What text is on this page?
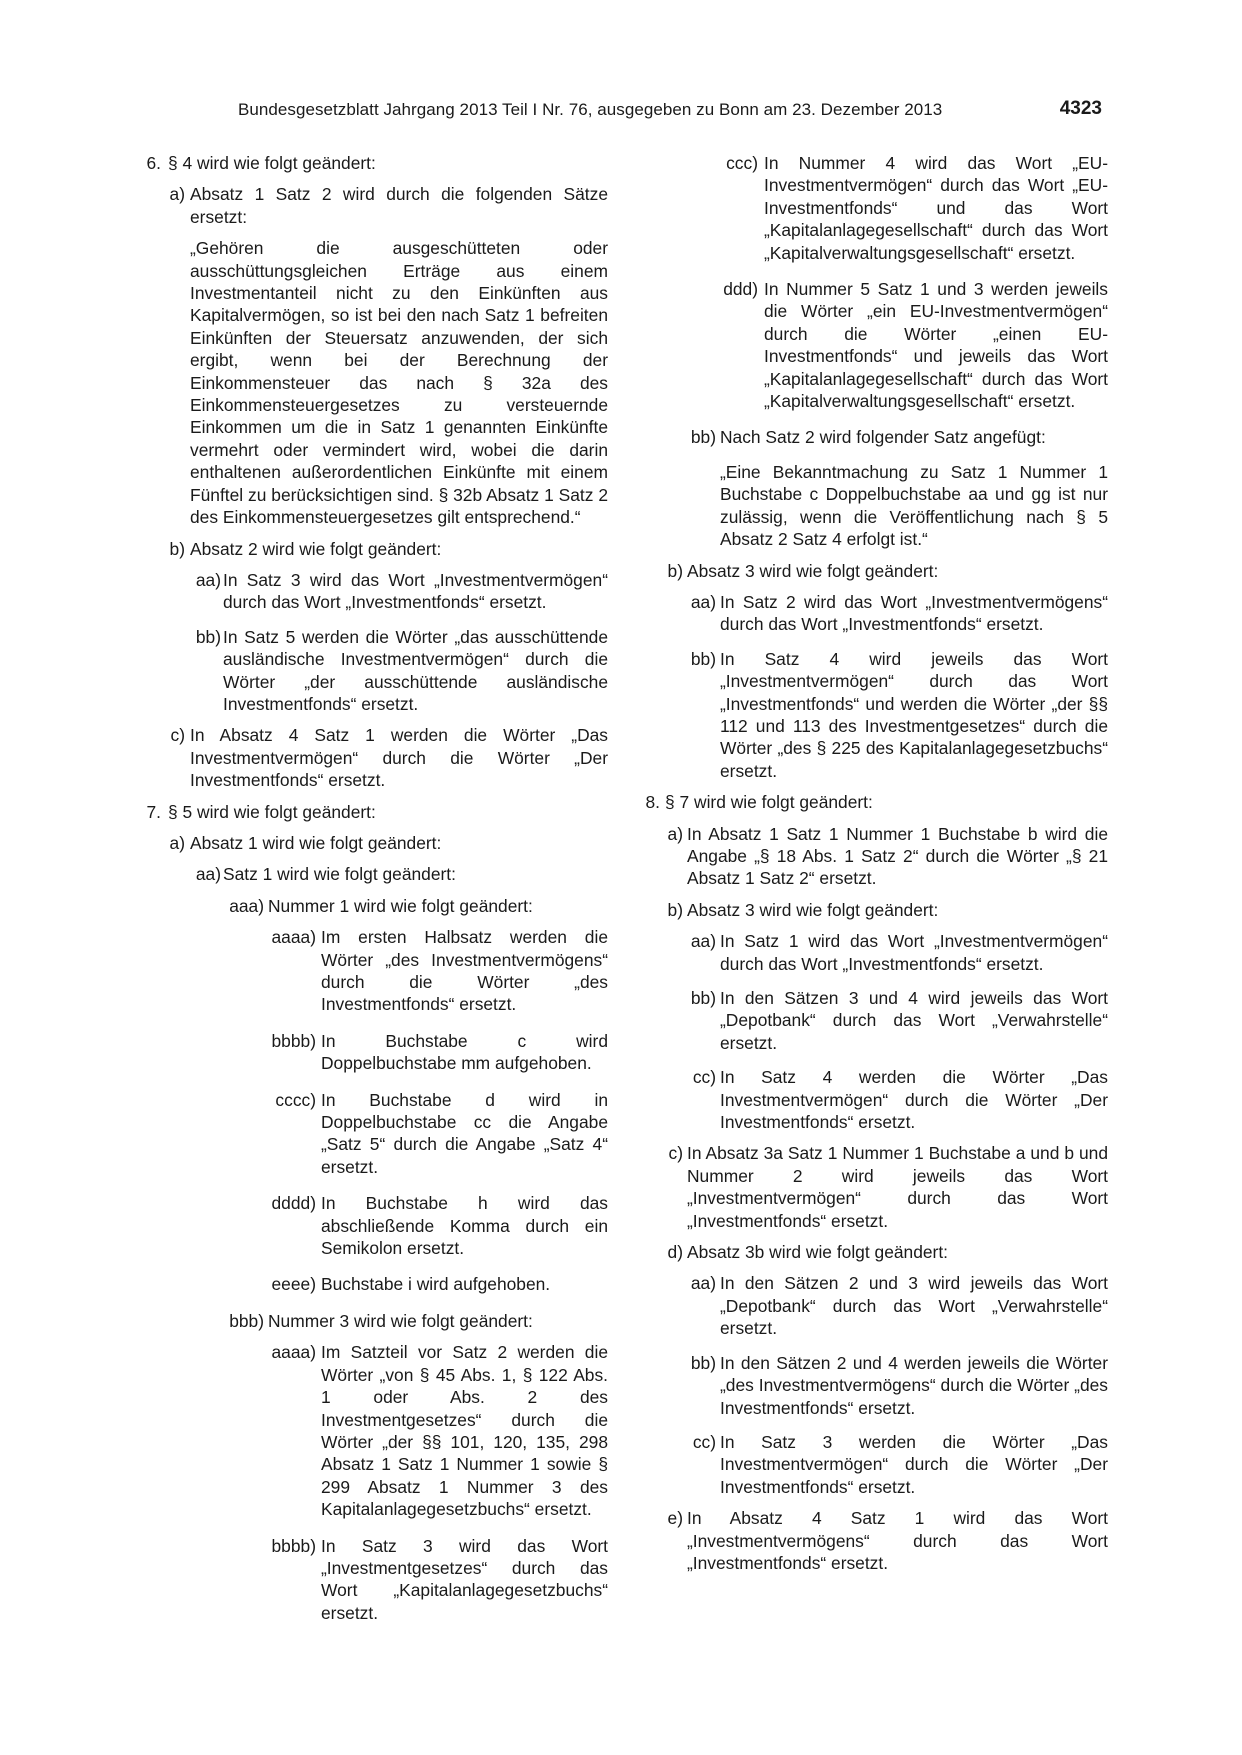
Bundesgesetzblatt Jahrgang 2013 Teil I Nr. 76, ausgegeben zu Bonn am 23. Dezember 2013	4323
6. § 4 wird wie folgt geändert:
a) Absatz 1 Satz 2 wird durch die folgenden Sätze ersetzt:
„Gehören die ausgeschütteten oder ausschüttungsgleichen Erträge aus einem Investmentanteil nicht zu den Einkünften aus Kapitalvermögen, so ist bei den nach Satz 1 befreiten Einkünften der Steuersatz anzuwenden, der sich ergibt, wenn bei der Berechnung der Einkommensteuer das nach § 32a des Einkommensteuergesetzes zu versteuernde Einkommen um die in Satz 1 genannten Einkünfte vermehrt oder vermindert wird, wobei die darin enthaltenen außerordentlichen Einkünfte mit einem Fünftel zu berücksichtigen sind. § 32b Absatz 1 Satz 2 des Einkommensteuergesetzes gilt entsprechend.“
b) Absatz 2 wird wie folgt geändert:
aa) In Satz 3 wird das Wort „Investmentvermögen“ durch das Wort „Investmentfonds“ ersetzt.
bb) In Satz 5 werden die Wörter „das ausschüttende ausländische Investmentvermögen“ durch die Wörter „der ausschüttende ausländische Investmentfonds“ ersetzt.
c) In Absatz 4 Satz 1 werden die Wörter „Das Investmentvermögen“ durch die Wörter „Der Investmentfonds“ ersetzt.
7. § 5 wird wie folgt geändert:
a) Absatz 1 wird wie folgt geändert:
aa) Satz 1 wird wie folgt geändert:
aaa) Nummer 1 wird wie folgt geändert:
aaaa) Im ersten Halbsatz werden die Wörter „des Investmentvermögens“ durch die Wörter „des Investmentfonds“ ersetzt.
bbbb) In Buchstabe c wird Doppelbuchstabe mm aufgehoben.
cccc) In Buchstabe d wird in Doppelbuchstabe cc die Angabe „Satz 5“ durch die Angabe „Satz 4“ ersetzt.
dddd) In Buchstabe h wird das abschließende Komma durch ein Semikolon ersetzt.
eeee) Buchstabe i wird aufgehoben.
bbb) Nummer 3 wird wie folgt geändert:
aaaa) Im Satzteil vor Satz 2 werden die Wörter „von § 45 Abs. 1, § 122 Abs. 1 oder Abs. 2 des Investmentgesetzes“ durch die Wörter „der §§ 101, 120, 135, 298 Absatz 1 Satz 1 Nummer 1 sowie § 299 Absatz 1 Nummer 3 des Kapitalanlagegesetzbuchs“ ersetzt.
bbbb) In Satz 3 wird das Wort „Investmentgesetzes“ durch das Wort „Kapitalanlagegesetzbuchs“ ersetzt.
ccc) In Nummer 4 wird das Wort „EU-Investmentvermögen“ durch das Wort „EU-Investmentfonds“ und das Wort „Kapitalanlagegesellschaft“ durch das Wort „Kapitalverwaltungsgesellschaft“ ersetzt.
ddd) In Nummer 5 Satz 1 und 3 werden jeweils die Wörter „ein EU-Investmentvermögen“ durch die Wörter „einen EU-Investmentfonds“ und jeweils das Wort „Kapitalanlagegesellschaft“ durch das Wort „Kapitalverwaltungsgesellschaft“ ersetzt.
bb) Nach Satz 2 wird folgender Satz angefügt:
„Eine Bekanntmachung zu Satz 1 Nummer 1 Buchstabe c Doppelbuchstabe aa und gg ist nur zulässig, wenn die Veröffentlichung nach § 5 Absatz 2 Satz 4 erfolgt ist.“
b) Absatz 3 wird wie folgt geändert:
aa) In Satz 2 wird das Wort „Investmentvermögens“ durch das Wort „Investmentfonds“ ersetzt.
bb) In Satz 4 wird jeweils das Wort „Investmentvermögen“ durch das Wort „Investmentfonds“ und werden die Wörter „der §§ 112 und 113 des Investmentgesetzes“ durch die Wörter „des § 225 des Kapitalanlagegesetzbuchs“ ersetzt.
8. § 7 wird wie folgt geändert:
a) In Absatz 1 Satz 1 Nummer 1 Buchstabe b wird die Angabe „§ 18 Abs. 1 Satz 2“ durch die Wörter „§ 21 Absatz 1 Satz 2“ ersetzt.
b) Absatz 3 wird wie folgt geändert:
aa) In Satz 1 wird das Wort „Investmentvermögen“ durch das Wort „Investmentfonds“ ersetzt.
bb) In den Sätzen 3 und 4 wird jeweils das Wort „Depotbank“ durch das Wort „Verwahrstelle“ ersetzt.
cc) In Satz 4 werden die Wörter „Das Investmentvermögen“ durch die Wörter „Der Investmentfonds“ ersetzt.
c) In Absatz 3a Satz 1 Nummer 1 Buchstabe a und b und Nummer 2 wird jeweils das Wort „Investmentvermögen“ durch das Wort „Investmentfonds“ ersetzt.
d) Absatz 3b wird wie folgt geändert:
aa) In den Sätzen 2 und 3 wird jeweils das Wort „Depotbank“ durch das Wort „Verwahrstelle“ ersetzt.
bb) In den Sätzen 2 und 4 werden jeweils die Wörter „des Investmentvermögens“ durch die Wörter „des Investmentfonds“ ersetzt.
cc) In Satz 3 werden die Wörter „Das Investmentvermögen“ durch die Wörter „Der Investmentfonds“ ersetzt.
e) In Absatz 4 Satz 1 wird das Wort „Investmentvermögens“ durch das Wort „Investmentfonds“ ersetzt.
